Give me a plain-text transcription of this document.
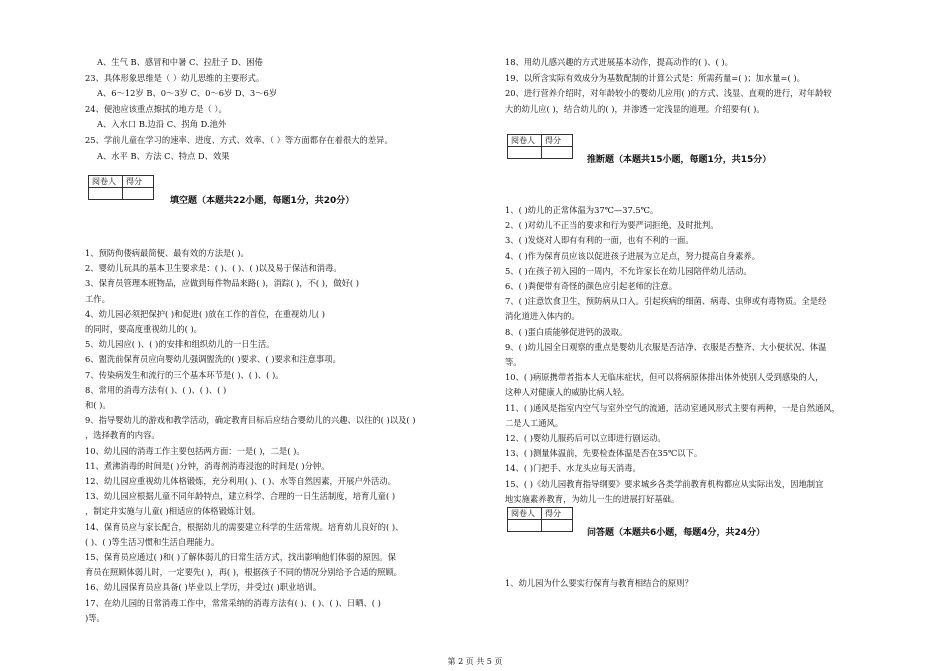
A、生气 B、感冒和中暑 C、拉肚子 D、困倦
23、具体形象思维是（ ）幼儿思维的主要形式。
A、6～12岁 B、0～3岁 C、0～6岁 D、3～6岁
24、便池应该重点擦拭的地方是（ ）。
A、入水口 B.边沿 C、拐角 D.池外
25、学前儿童在学习的速率、进度、方式、效率、（ ）等方面都存在着很大的差异。
A、水平 B、方法 C、特点 D、效果
1、预防佝偻病最简便、最有效的方法是( )。
2、婴幼儿玩具的基本卫生要求是：( )、( )、( )以及易于保洁和消毒。
3、保育员管理本班物品，应做到每件物品来路( )，消踪( )，不( )，做好( )
工作。
4、幼儿园必须把保护( )和促进( )放在工作的首位，在重视幼儿( )
的同时，要高度重视幼儿的( )。
5、幼儿园应( )、( )的安排和组织幼儿的一日生活。
6、盥洗前保育员应向婴幼儿强调盥洗的( )要求、( )要求和注意事项。
7、传染病发生和流行的三个基本环节是( )、( )、( )。
8、常用的消毒方法有( )、( )、( )、( )
和( )。
9、指导婴幼儿的游戏和教学活动，确定教育目标后应结合婴幼儿的兴趣、以往的( )以及( )
，选择教育的内容。
10、幼儿园的消毒工作主要包括两方面：一是( )，二是( )。
11、煮沸消毒的时间是( )分钟，消毒剂消毒浸泡的时间是( )分钟。
12、幼儿园应重视幼儿体格锻炼，充分利用( )、( )、水等自然因素，开展户外活动。
13、幼儿园应根据儿童不同年龄特点，建立科学、合理的一日生活制度，培育儿童( )
，制定并实施与儿童( )相适应的体格锻炼计划。
14、保育员应与家长配合，根据幼儿的需要建立科学的生活常规。培育幼儿良好的( )、
( )、( )等生活习惯和生活自理能力。
15、保育员应通过( )和( )了解体弱儿的日常生活方式，找出影响他们体弱的原因。保
育员在照顾体弱儿时，一定要先( )，再( )，根据孩子不同的情况分别给予合适的照顾。
16、幼儿园保育员应具备( )毕业以上学历，并受过( )职业培训。
17、在幼儿园的日常消毒工作中，常常采纳的消毒方法有( )、( )、( )、日晒、( )
)等。
18、用幼儿感兴趣的方式进展基本动作，提高动作的( )、( )。
19、以所含实际有效成分为基数配制的计算公式是：所需药量=( )；加水量=( )。
20、进行营养介绍时，对年龄较小的婴幼儿应用( )的方式、浅显、直观的进行，对年龄较
大的幼儿应( )，结合幼儿的( )，并渗透一定浅显的道理。介绍要有( )。
1、( )幼儿的正常体温为37℃—37.5℃。
2、( )对幼儿不正当的要求和行为要严词拒绝，及时批判。
3、( )发烧对人即有有利的一面，也有不利的一面。
4、( )作为保育员应该以促进孩子进展为立足点，努力提高自身素养。
5、( )在孩子初入园的一周内，不允许家长在幼儿园陪伴幼儿活动。
6、( )粪便带有奇怪的颜色应引起老师的注意。
7、( )注意饮食卫生，预防病从口入。引起疾病的细菌、病毒、虫卵或有毒物质。全是经
消化道进入体内的。
8、( )蛋白质能够促进钙的汲取。
9、( )幼儿园全日观察的重点是婴幼儿衣服是否洁净、衣服是否整齐、大小便状况、体温
等。
10、( )病原携带者指本人无临床症状，但可以将病原体排出体外使别人受到感染的人，
这种人对健康人的威胁比病人轻。
11、( )通风是指室内空气与室外空气的流通，活动室通风形式主要有两种，一是自然通风，
二是人工通风。
12、( )婴幼儿服药后可以立即进行剧运动。
13、( )测量体温前，先要检查体温是否在35℃以下。
14、( )门把手、水龙头应每天消毒。
15、( )《幼儿园教育指导纲要》要求城乡各类学前教育机构都应从实际出发，因地制宜
地实施素养教育，为幼儿一生的进展打好基础。
1、幼儿园为什么要实行保育与教育相结合的原则？
阅卷人	得分

填空题（本题共22小题，每题1分，共20分）
阅卷人	得分

推断题（本题共15小题，每题1分，共15分）
阅卷人	得分

问答题（本题共6小题，每题4分，共24分）
第 2 页 共 5 页
